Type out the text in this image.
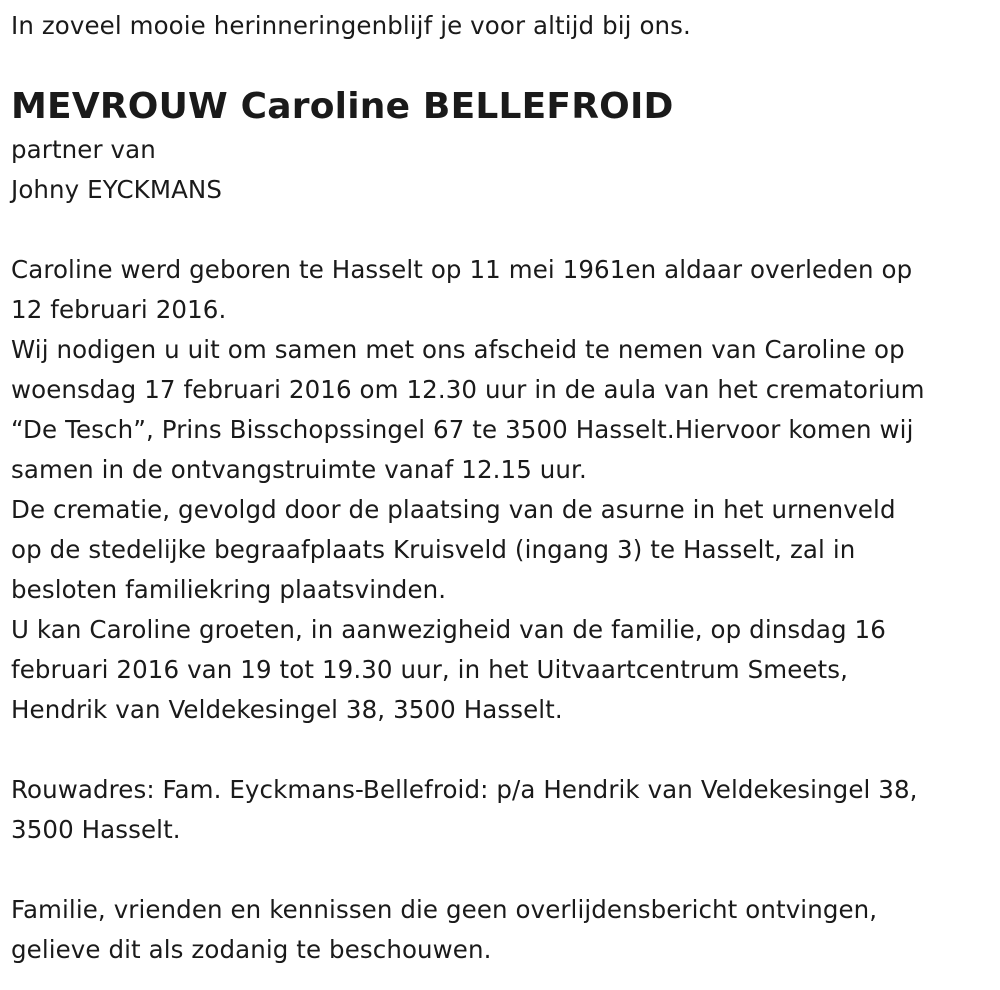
In zoveel mooie herinneringenblijf je voor altijd bij ons.
MEVROUW Caroline BELLEFROID
partner van
Johny EYCKMANS
Caroline werd geboren te Hasselt op 11 mei 1961en aldaar overleden op
12 februari 2016.
Wij nodigen u uit om samen met ons afscheid te nemen van Caroline op
woensdag 17 februari 2016 om 12.30 uur in de aula van het crematorium
“De Tesch”, Prins Bisschopssingel 67 te 3500 Hasselt.Hiervoor komen wij
samen in de ontvangstruimte vanaf 12.15 uur.
De crematie, gevolgd door de plaatsing van de asurne in het urnenveld
op de stedelijke begraafplaats Kruisveld (ingang 3) te Hasselt, zal in
besloten familiekring plaatsvinden.
U kan Caroline groeten, in aanwezigheid van de familie, op dinsdag 16
februari 2016 van 19 tot 19.30 uur, in het Uitvaartcentrum Smeets,
Hendrik van Veldekesingel 38, 3500 Hasselt.
Rouwadres: Fam. Eyckmans-Bellefroid: p/a Hendrik van Veldekesingel 38,
3500 Hasselt.
Familie, vrienden en kennissen die geen overlijdensbericht ontvingen,
gelieve dit als zodanig te beschouwen.
